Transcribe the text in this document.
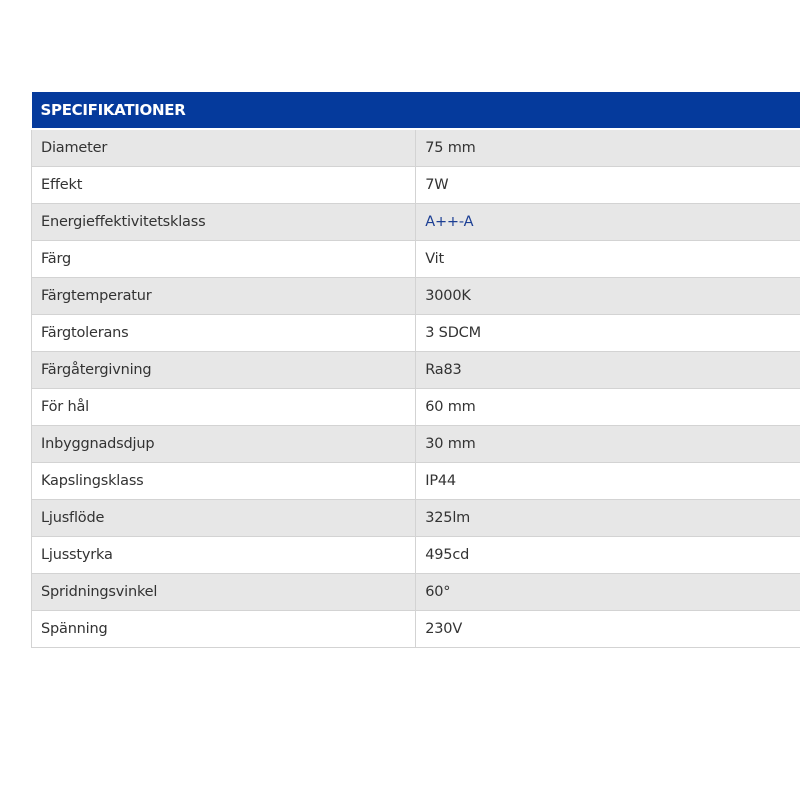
SPECIFIKATIONER	
Diameter	75 mm
Effekt	7W
Energieffektivitetsklass	A++-A
Färg	Vit
Färgtemperatur	3000K
Färgtolerans	3 SDCM
Färgåtergivning	Ra83
För hål	60 mm
Inbyggnadsdjup	30 mm
Kapslingsklass	IP44
Ljusflöde	325lm
Ljusstyrka	495cd
Spridningsvinkel	60°
Spänning	230V
